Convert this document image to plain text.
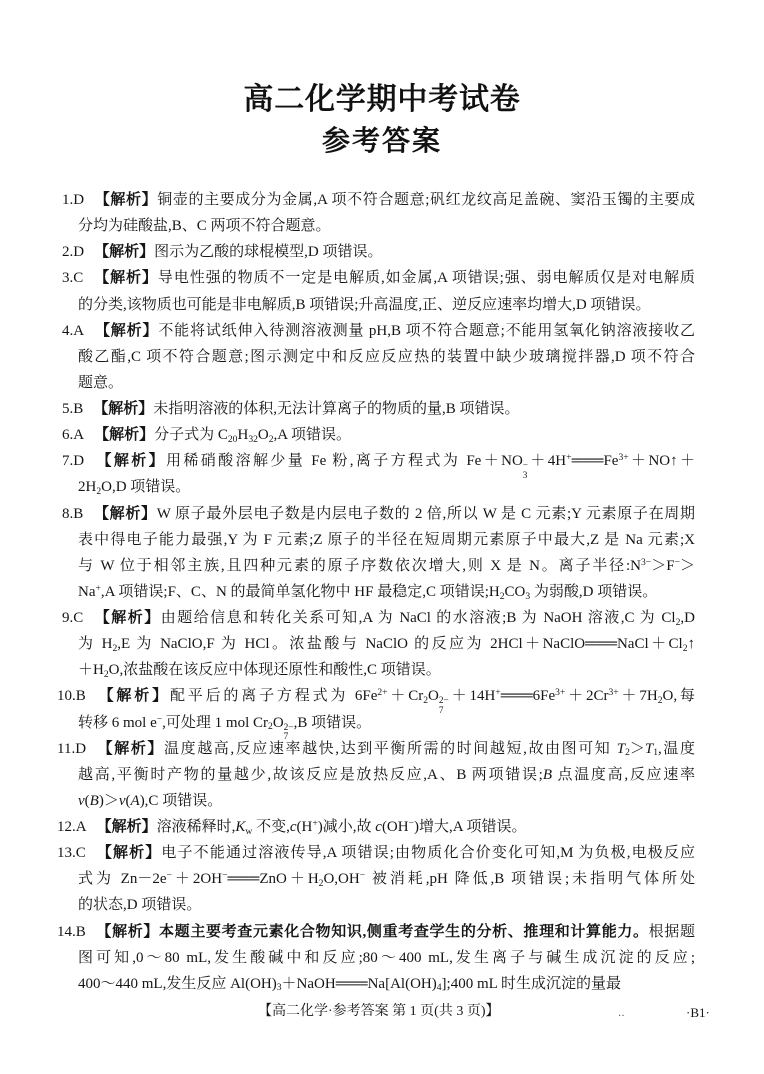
高二化学期中考试卷
参考答案
1.D 【解析】铜壶的主要成分为金属,A 项不符合题意;矾红龙纹高足盖碗、窦沿玉镯的主要成
分均为硅酸盐,B、C 两项不符合题意。
2.D 【解析】图示为乙酸的球棍模型,D 项错误。
3.C 【解析】导电性强的物质不一定是电解质,如金属,A 项错误;强、弱电解质仅是对电解质
的分类,该物质也可能是非电解质,B 项错误;升高温度,正、逆反应速率均增大,D 项错误。
4.A 【解析】不能将试纸伸入待测溶液测量 pH,B 项不符合题意;不能用氢氧化钠溶液接收乙
酸乙酯,C 项不符合题意;图示测定中和反应反应热的装置中缺少玻璃搅拌器,D 项不符合
题意。
5.B 【解析】未指明溶液的体积,无法计算离子的物质的量,B 项错误。
6.A 【解析】分子式为 $C_{20}H_{32}O_2,A$ 项错误。
7.D 【解析】用稀硝酸溶解少量 Fe 粉,离子方程式为 Fe＋NO −
3
$+4H^+═══Fe^{3+}+NO↑+$
$2H_2O,D$ 项错误。
8.B 【解析】W 原子最外层电子数是内层电子数的 2 倍,所以 W 是 C 元素;Y 元素原子在周期
表中得电子能力最强,Y 为 F 元素;Z 原子的半径在短周期元素原子中最大,Z 是 Na 元素;X
与 W 位于相邻主族,且四种元素的原子序数依次增大,则 X 是 N。离子半径$:N^{3-}>F^->$
Na+,A 项错误;F、C、N 的最简单氢化物中 HF 最稳定,C 项错误$;H_2CO_3$ 为弱酸,D 项错误。
9.C 【解析】由题给信息和转化关系可知,A 为 NaCl 的水溶液;B 为 NaOH 溶液,C 为 $Cl_2,D$
为 $H_2,E$ 为 NaClO,F 为 HCl。浓盐酸与 NaClO 的反应为 $2HCl+NaClO═══NaCl+Cl_2↑$
$+H_2O$,浓盐酸在该反应中体现还原性和酸性,C 项错误。
10.B 【解析】配平后的离子方程式为 $6Fe^{2+}+Cr_2O$ 2−
7
$+14H^+═══6Fe^{3+}+2Cr^{3+}+7H_2O$,每
转移 6 mol e−,可处理 1 mol $Cr_2O$ 2−
7
,B 项错误。
11.D 【解析】温度越高,反应速率越快,达到平衡所需的时间越短,故由图可知 $T_2>T_1$,温度
越高,平衡时产物的量越少,故该反应是放热反应,A、B 两项错误;B 点温度高,反应速率
v(B)＞v(A),C 项错误。
12.A 【解析】溶液稀释时$,K_w$ 不变,c(H+)减小,故 c(OH−)增大,A 项错误。
13.C 【解析】电子不能通过溶液传导,A 项错误;由物质化合价变化可知,M 为负极,电极反应
式为 $Zn-2e^-+2OH^-═══ZnO+H_2O,OH^-$ 被消耗,pH 降低,B 项错误;未指明气体所处
的状态,D 项错误。
14.B 【解析】本题主要考查元素化合物知识,侧重考查学生的分析、推理和计算能力。根据题
图可知,0～80 mL,发生酸碱中和反应;80～400 mL,发生离子与碱生成沉淀的反应;
400～440 mL,发生反应 $Al(OH)_3+NaOH═══Na[Al(OH)_4];400$ mL 时生成沉淀的量最
【高二化学·参考答案 第 1 页(共 3 页)】	‥	·B1·
